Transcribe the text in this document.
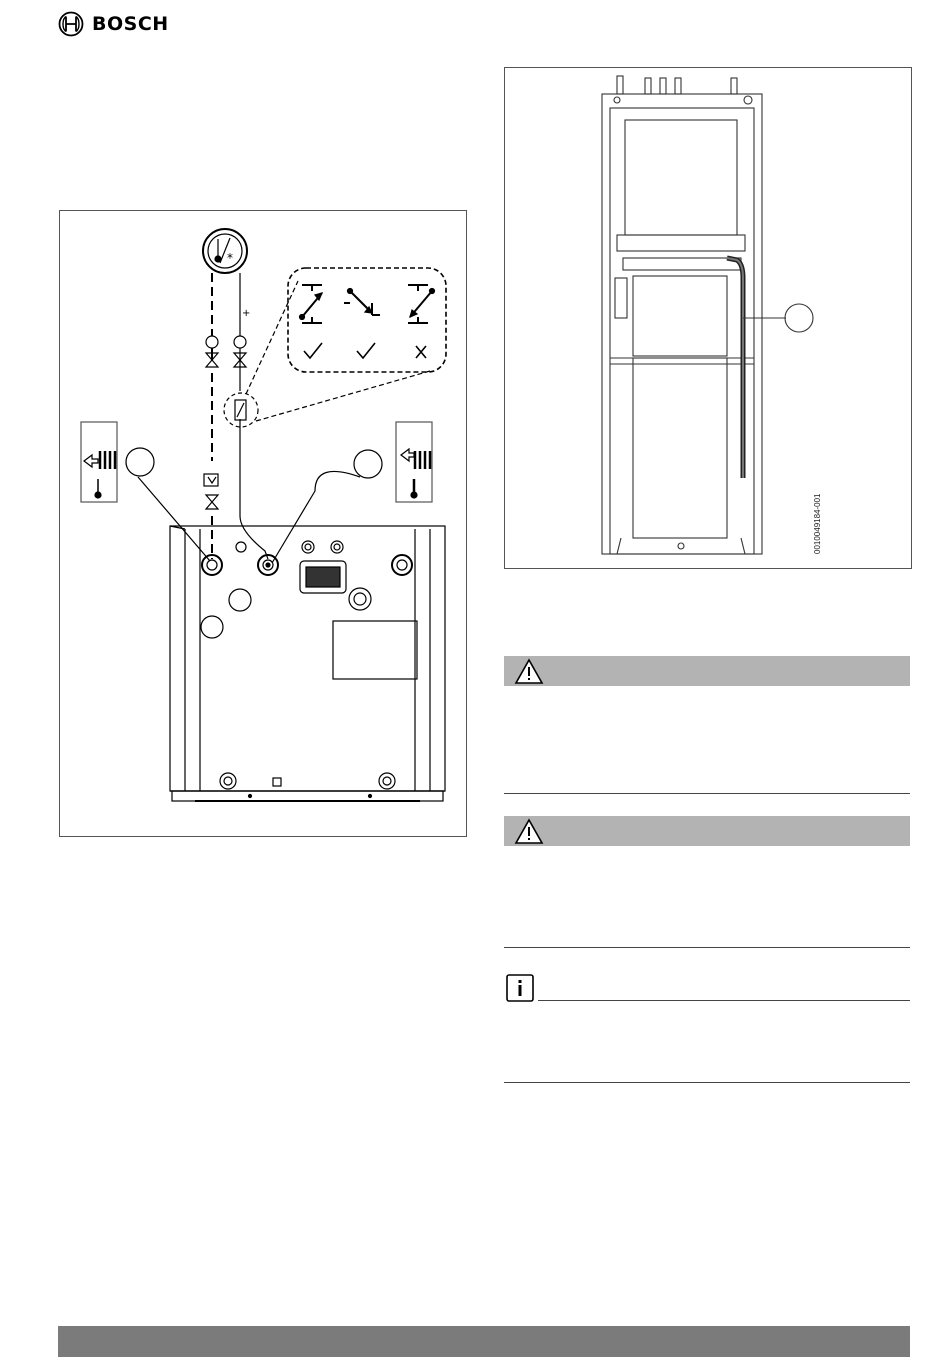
BOSCH
*
+
0010049184-001
